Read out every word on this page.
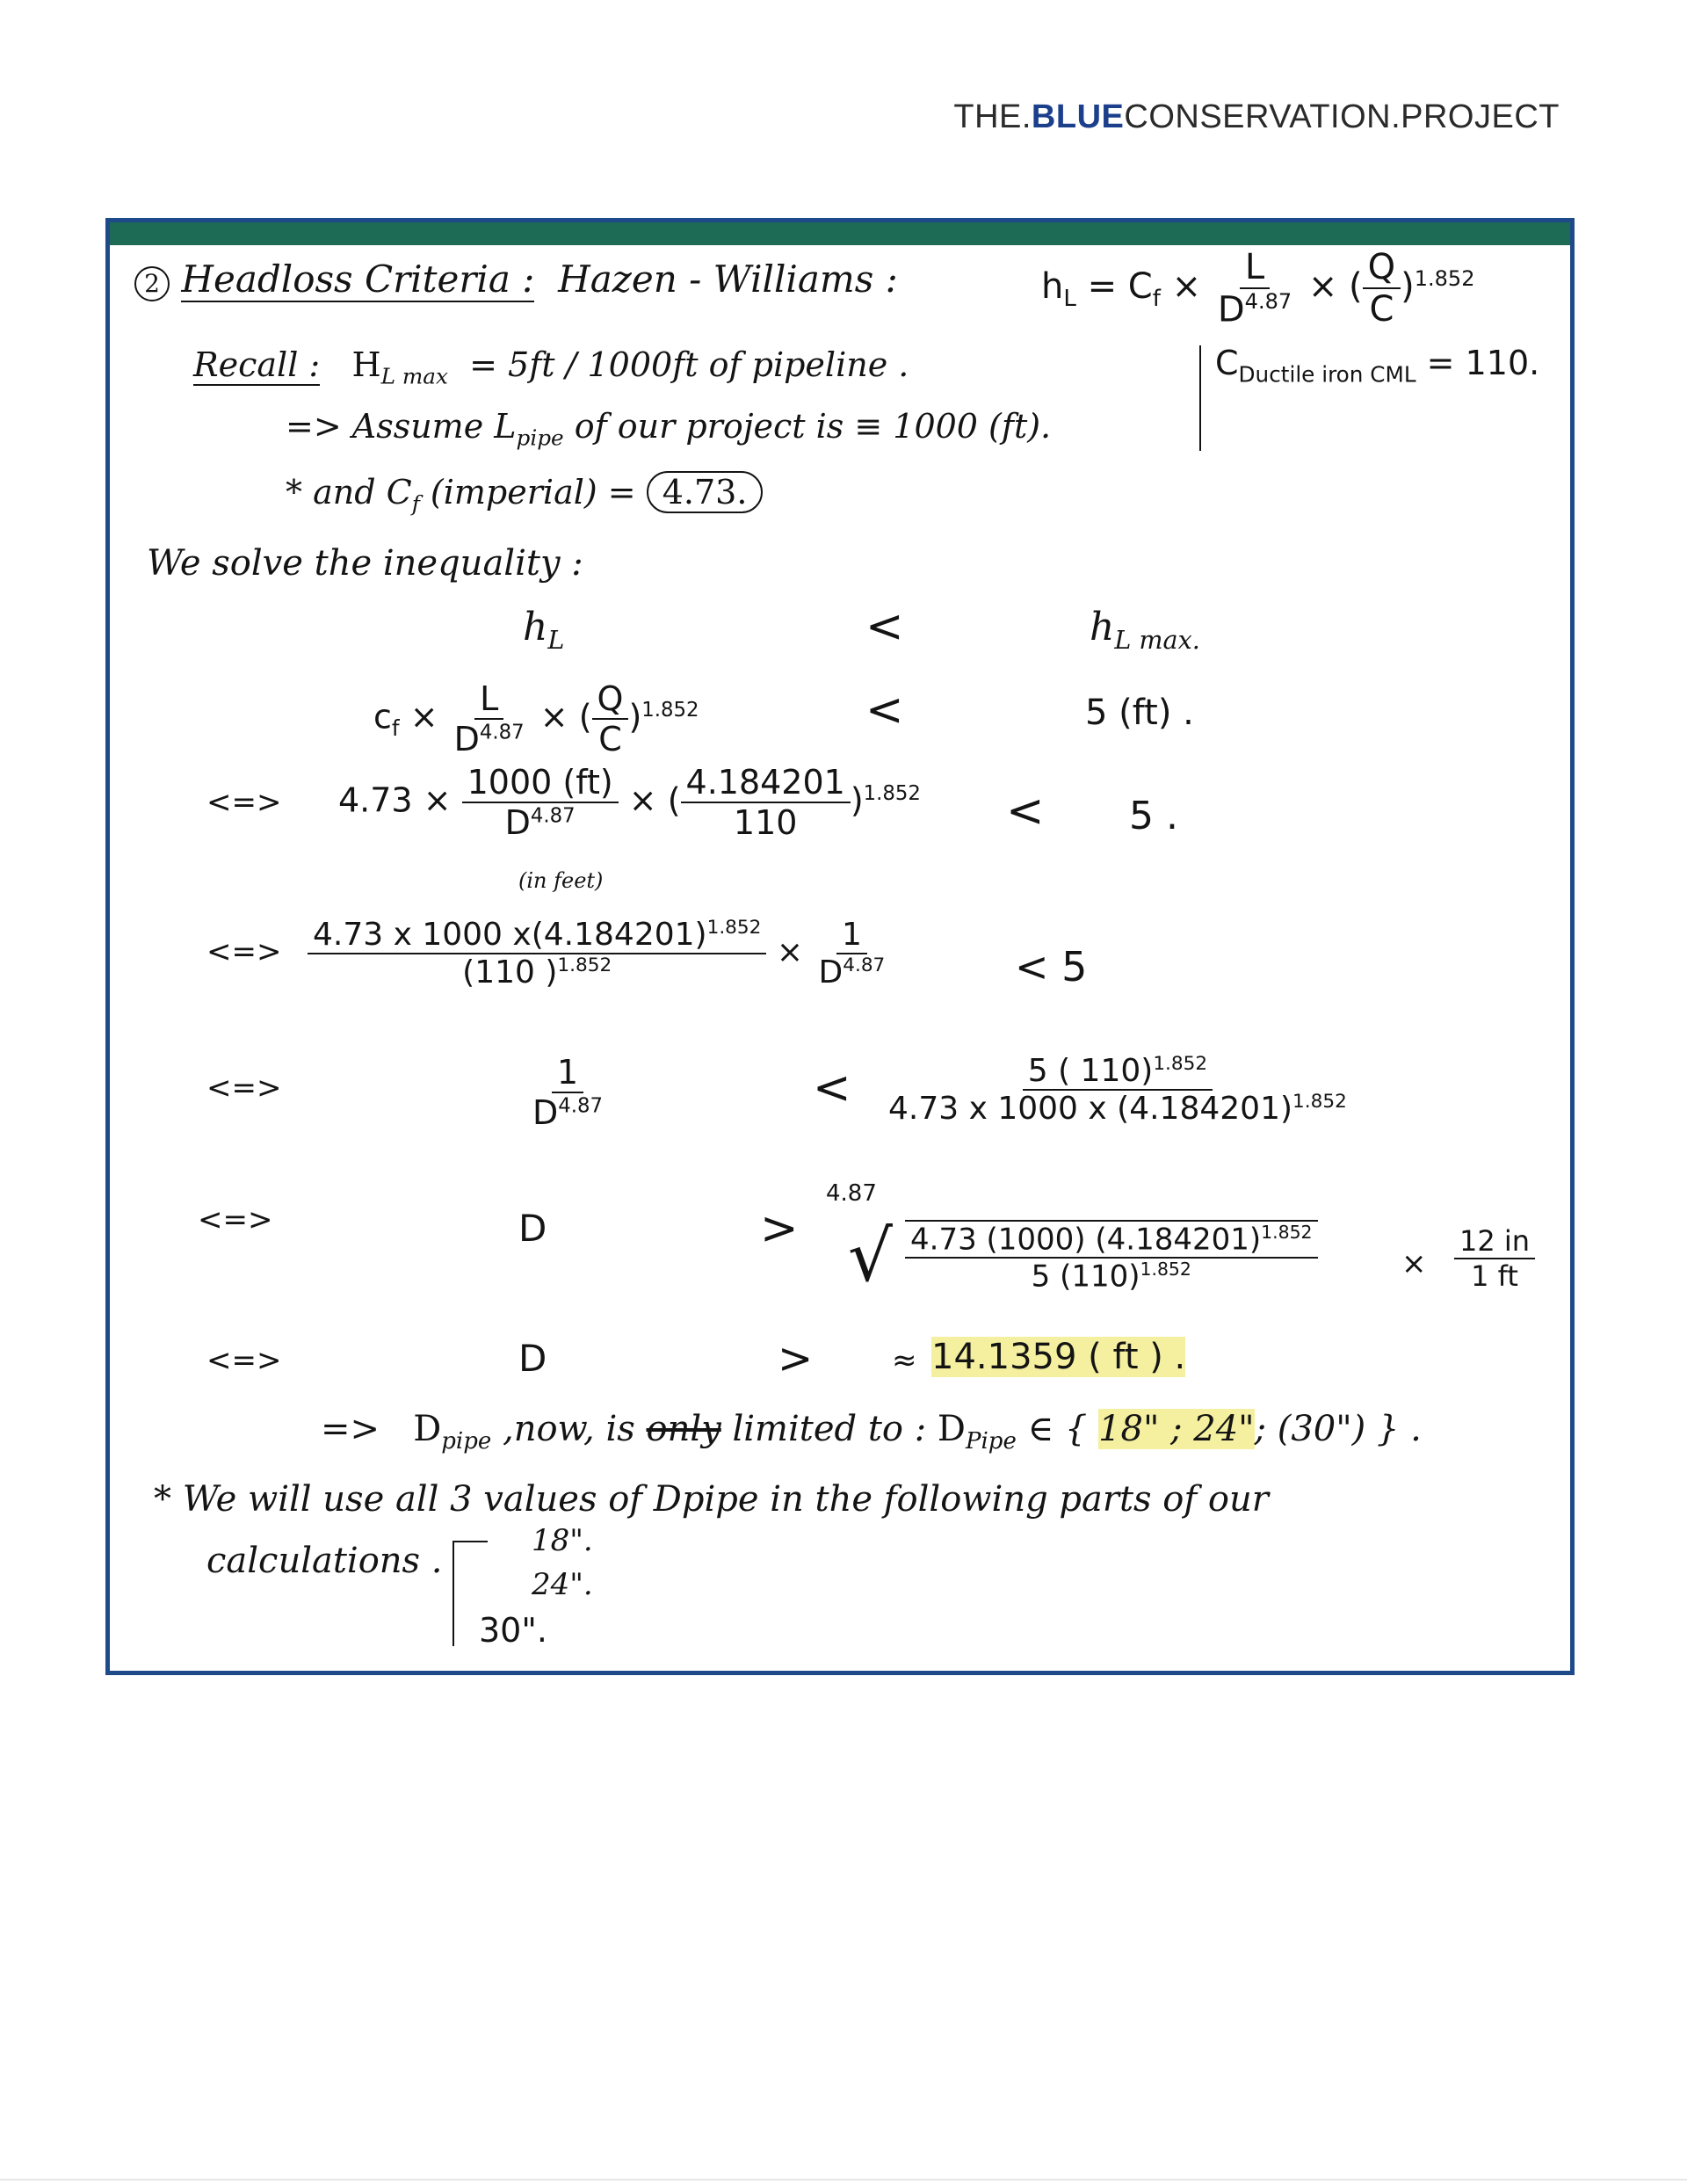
THE.BLUECONSERVATION.PROJECT
2 Headloss Criteria : Hazen - Williams :	$h_L = C_f \times \frac{L}{D^{4.87}}$ × ( $\frac{Q}{C} )^{1.852}$
Recall : $H_{L max} = 5ft / 1000ft$ of pipeline .	$C_{Ductile iron CML} = 110$.
=> Assume $L_{pipe}$ of our project is ≡ 1000 (ft).
* and $C_f$ (imperial) = 4.73.
We solve the inequality :
$h_L$	<	$h_{L max.}$
$c_f \times \frac{L}{D^{4.87}}$ × ( $\frac{Q}{C} )^{1.852}$	<	5 (ft) .
<=> $4.73 \times \frac{1000 (ft)}{D^{4.87}}$ × ( $\frac{4.184201}{110} )^{1.852}$
(in feet)
< 5 .
<=> $\frac{4.73 x 1000 x(4.184201)^{1.852}}{(110 )^{1.852}} \times \frac{1}{D^{4.87}}$	< 5
<=>	$\frac{1}{D^{4.87}}$	< $\frac{5 ( 110)^{1.852}}{4.73 x 1000 x (4.184201)^{1.852}}$
<=>	D	>
4.87
√ $\frac{4.73 (1000) (4.184201)^{1.852}}{5 (110)^{1.852}}$	× $\frac{12 in}{1 ft}$
<=>	D	>	≈ 14.1359 ( ft ) .
=> $D_{pipe}$ ,now, is only limited to : $D_{Pipe}$ ∈ { 18" ; 24"; (30") } .
* We will use all 3 values of Dpipe in the following parts of our
calculations .	18".
24".
30".
